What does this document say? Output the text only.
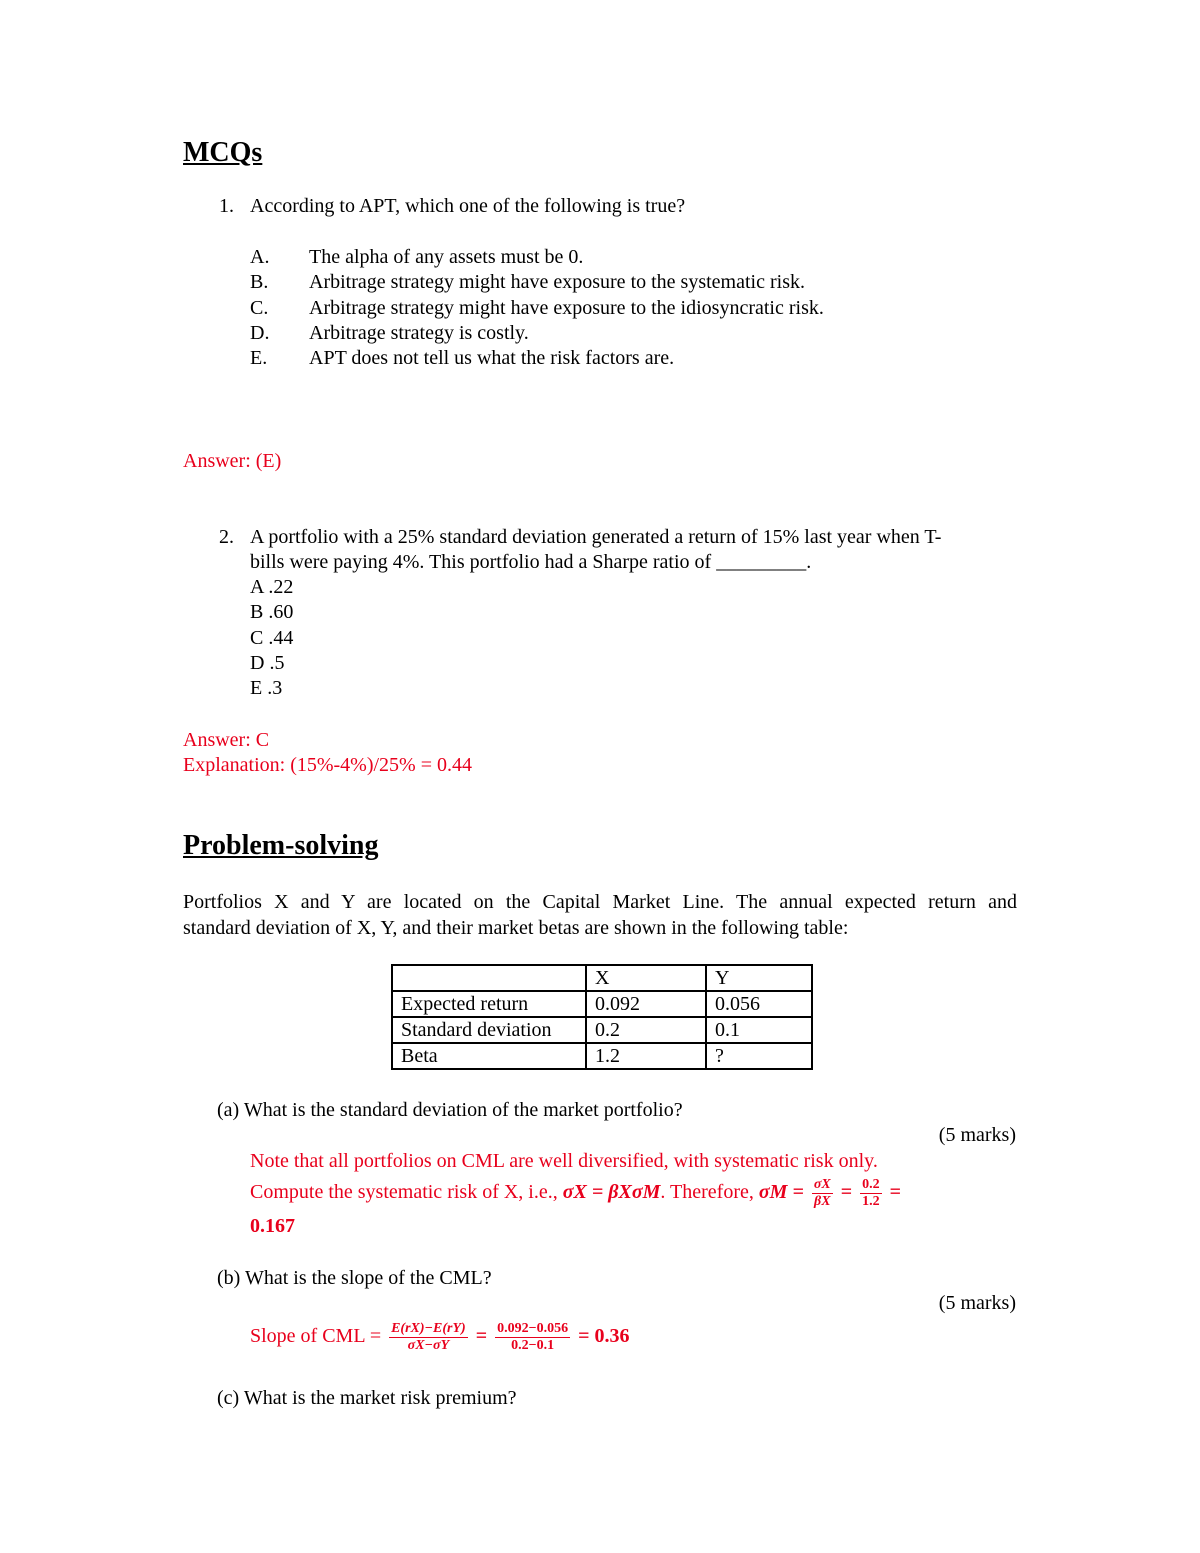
MCQs
1. According to APT, which one of the following is true?
A. The alpha of any assets must be 0.
B. Arbitrage strategy might have exposure to the systematic risk.
C. Arbitrage strategy might have exposure to the idiosyncratic risk.
D. Arbitrage strategy is costly.
E. APT does not tell us what the risk factors are.
Answer: (E)
2. A portfolio with a 25% standard deviation generated a return of 15% last year when T-
bills were paying 4%. This portfolio had a Sharpe ratio of _________.
A .22
B .60
C .44
D .5
E .3
Answer: C
Explanation: (15%-4%)/25% = 0.44
Problem-solving
Portfolios X and Y are located on the Capital Market Line. The annual expected return and
standard deviation of X, Y, and their market betas are shown in the following table:
	X	Y
Expected return	0.092	0.056
Standard deviation	0.2	0.1
Beta	1.2	?
(a) What is the standard deviation of the market portfolio?
(5 marks)
Note that all portfolios on CML are well diversified, with systematic risk only.
Compute the systematic risk of X, i.e., σX = βXσM. Therefore, $\sigma M = \frac{\sigma X}{\beta X} = \frac{0.2}{1.2}$ =
0.167
(b) What is the slope of the CML?
(5 marks)
Slope of CML = $\frac{E(rX)-E(rY)}{\sigma X-\sigma Y} = \frac{0.092-0.056}{0.2-0.1} = 0.36$
(c) What is the market risk premium?
